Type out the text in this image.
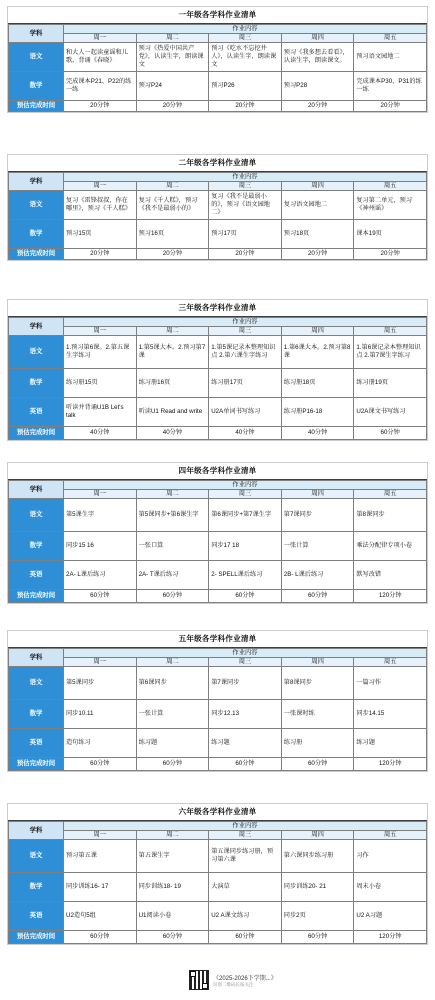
一年级各学科作业清单
学科	作业内容				
	周一	周二	周三	周四	周五
语文	和大人一起读童谣和儿歌，背诵《春晓》	预习《热爱中国共产党》，认读生字，朗读课文	预习《吃水不忘挖井人》，认读生字，朗读课文	预习《我多想去看看》，认读生字，朗读课文。	预习语文园地二
数学	完成课本P21、P22的练一练	预习P24	预习P26	预习P28	完成课本P30、P31的练一练
预估完成时间	20分钟	20分钟	20分钟	20分钟	20分钟
二年级各学科作业清单
学科	作业内容				
	周一	周二	周三	周四	周五
语文	复习《雷锋叔叔，你在哪里》，预习《千人糕》	复习《千人糕》，预习《我不是最弱小的》	复习《我不是最弱小的》，预习《语文园地二》	复习语文园地二	复习第二单元，预习《神州谣》
数学	预习15页	预习16页	预习17页	预习18页	课本19页
预估完成时间	20分钟	20分钟	20分钟	20分钟	20分钟
三年级各学科作业清单
学科	作业内容				
	周一	周二	周三	周四	周五
语文	1.预习第6课。2.第五课生字练习	1.第5课大本。2.预习第7课	1.第5课记录本整理知识点 2.第六课生字练习	1.第6课大本。2.预习第8课	1.第6课记录本整理知识点 2.第7课生字练习
数学	练习册15页	练习册16页	练习册17页	练习册18页	练习册19页
英语	听读并背诵U1B Let's talk	听读U1 Read and write	U2A单词书写练习	练习册P16-18	U2A课文书写练习
预估完成时间	40分钟	40分钟	40分钟	40分钟	60分钟
四年级各学科作业清单
学科	作业内容				
	周一	周二	周三	周四	周五
语文	第5课生字	第5课同步+第6课生字	第6课同步+第7课生字	第7课同步	第8课同步
数学	同步15 16	一张口算	同步17 18	一张计算	乘法分配律专项小卷
英语	2A- L课后练习	2A- T课后练习	2- SPELL课后练习	2B- L课后练习	默写改错
预估完成时间	60分钟	60分钟	60分钟	60分钟	120分钟
五年级各学科作业清单
学科	作业内容				
	周一	周二	周三	周四	周五
语文	第5课同步	第6课同步	第7课同步	第8课同步	一篇习作
数学	同步10.11	一张计算	同步12.13	一张课时练	同步14.15
英语	造句练习	练习题	练习题	练习册	练习题
预估完成时间	60分钟	60分钟	60分钟	60分钟	120分钟
六年级各学科作业清单
学科	作业内容				
	周一	周二	周三	周四	周五
语文	预习第五课	第五课生字	第五课同步练习册，预习第六课	第六课同步练习册	习作
数学	同步训练16- 17	同步训练18- 19	大演草	同步训练20- 21	周末小卷
英语	U2造句5组	U1阅读小卷	U2 A课文练习	同步2页	U2 A习题
预估完成时间	60分钟	60分钟	60分钟	60分钟	120分钟
《2025-2026下学期...》
识别二维码长按关注
